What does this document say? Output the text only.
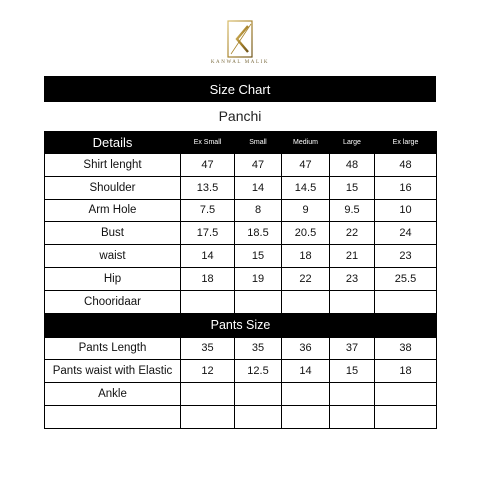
KANWAL MALIK
Size Chart
Panchi
Details	Ex Small	Small	Medium	Large	Ex large
Shirt lenght	47	47	47	48	48
Shoulder	13.5	14	14.5	15	16
Arm Hole	7.5	8	9	9.5	10
Bust	17.5	18.5	20.5	22	24
waist	14	15	18	21	23
Hip	18	19	22	23	25.5
Chooridaar					
Pants Size					
Pants Length	35	35	36	37	38
Pants waist with Elastic	12	12.5	14	15	18
Ankle					
